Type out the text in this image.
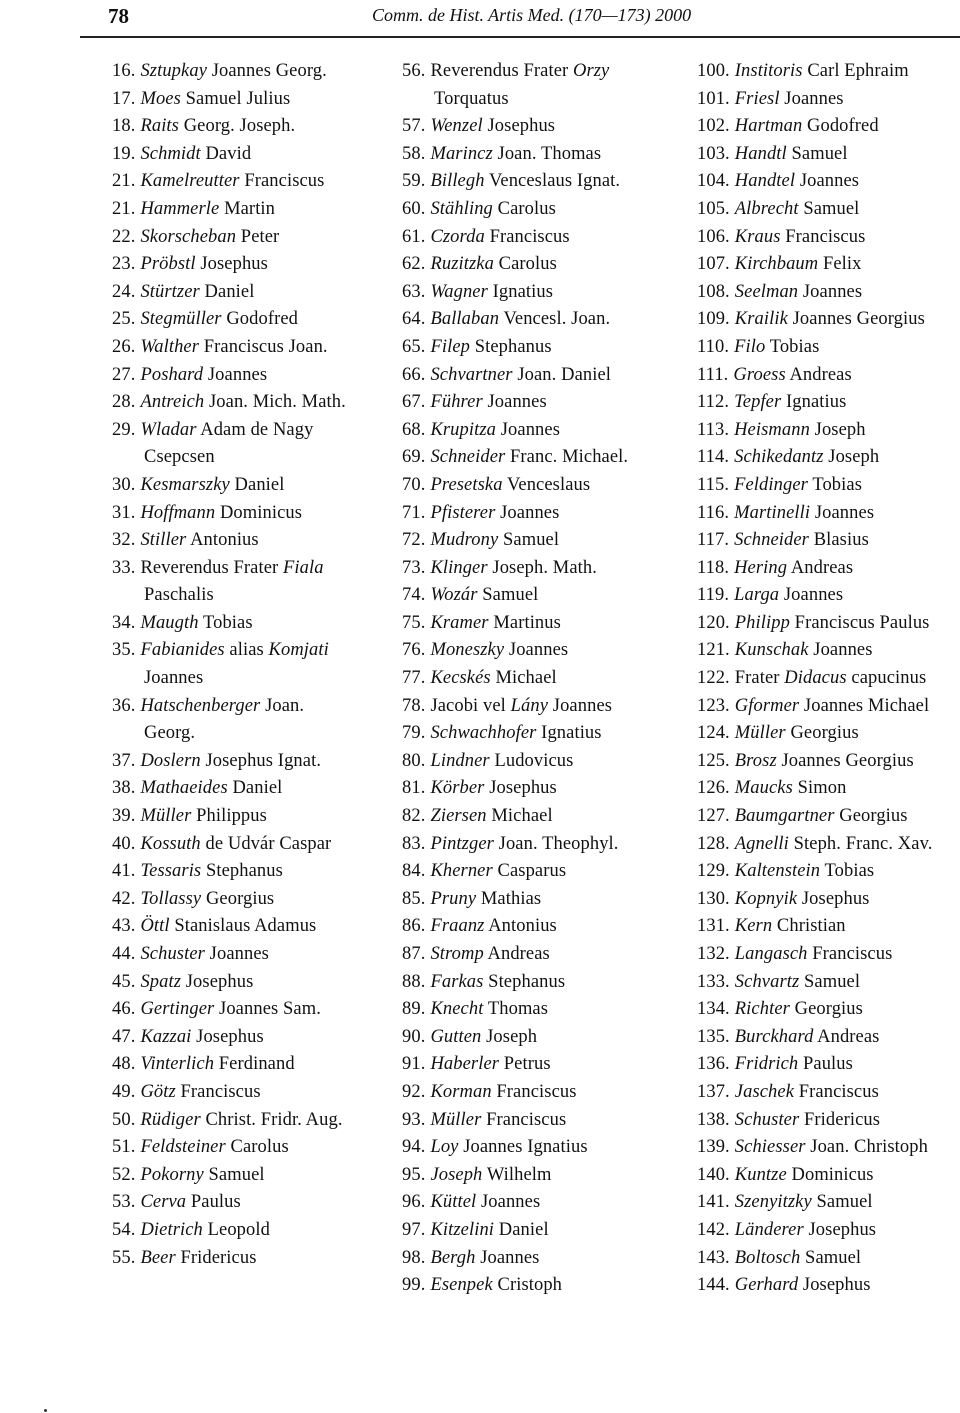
78	Comm. de Hist. Artis Med. (170—173) 2000
16. Sztupkay Joannes Georg.
17. Moes Samuel Julius
18. Raits Georg. Joseph.
19. Schmidt David
21. Kamelreutter Franciscus
21. Hammerle Martin
22. Skorscheban Peter
23. Pröbstl Josephus
24. Stürtzer Daniel
25. Stegmüller Godofred
26. Walther Franciscus Joan.
27. Poshard Joannes
28. Antreich Joan. Mich. Math.
29. Wladar Adam de Nagy
Csepcsen
30. Kesmarszky Daniel
31. Hoffmann Dominicus
32. Stiller Antonius
33. Reverendus Frater Fiala
Paschalis
34. Maugth Tobias
35. Fabianides alias Komjati
Joannes
36. Hatschenberger Joan.
Georg.
37. Doslern Josephus Ignat.
38. Mathaeides Daniel
39. Müller Philippus
40. Kossuth de Udvár Caspar
41. Tessaris Stephanus
42. Tollassy Georgius
43. Öttl Stanislaus Adamus
44. Schuster Joannes
45. Spatz Josephus
46. Gertinger Joannes Sam.
47. Kazzai Josephus
48. Vinterlich Ferdinand
49. Götz Franciscus
50. Rüdiger Christ. Fridr. Aug.
51. Feldsteiner Carolus
52. Pokorny Samuel
53. Cerva Paulus
54. Dietrich Leopold
55. Beer Fridericus
56. Reverendus Frater Orzy
Torquatus
57. Wenzel Josephus
58. Marincz Joan. Thomas
59. Billegh Venceslaus Ignat.
60. Stähling Carolus
61. Czorda Franciscus
62. Ruzitzka Carolus
63. Wagner Ignatius
64. Ballaban Vencesl. Joan.
65. Filep Stephanus
66. Schvartner Joan. Daniel
67. Führer Joannes
68. Krupitza Joannes
69. Schneider Franc. Michael.
70. Presetska Venceslaus
71. Pfisterer Joannes
72. Mudrony Samuel
73. Klinger Joseph. Math.
74. Wozár Samuel
75. Kramer Martinus
76. Moneszky Joannes
77. Kecskés Michael
78. Jacobi vel Lány Joannes
79. Schwachhofer Ignatius
80. Lindner Ludovicus
81. Körber Josephus
82. Ziersen Michael
83. Pintzger Joan. Theophyl.
84. Kherner Casparus
85. Pruny Mathias
86. Fraanz Antonius
87. Stromp Andreas
88. Farkas Stephanus
89. Knecht Thomas
90. Gutten Joseph
91. Haberler Petrus
92. Korman Franciscus
93. Müller Franciscus
94. Loy Joannes Ignatius
95. Joseph Wilhelm
96. Küttel Joannes
97. Kitzelini Daniel
98. Bergh Joannes
99. Esenpek Cristoph
100. Institoris Carl Ephraim
101. Friesl Joannes
102. Hartman Godofred
103. Handtl Samuel
104. Handtel Joannes
105. Albrecht Samuel
106. Kraus Franciscus
107. Kirchbaum Felix
108. Seelman Joannes
109. Krailik Joannes Georgius
110. Filo Tobias
111. Groess Andreas
112. Tepfer Ignatius
113. Heismann Joseph
114. Schikedantz Joseph
115. Feldinger Tobias
116. Martinelli Joannes
117. Schneider Blasius
118. Hering Andreas
119. Larga Joannes
120. Philipp Franciscus Paulus
121. Kunschak Joannes
122. Frater Didacus capucinus
123. Gformer Joannes Michael
124. Müller Georgius
125. Brosz Joannes Georgius
126. Maucks Simon
127. Baumgartner Georgius
128. Agnelli Steph. Franc. Xav.
129. Kaltenstein Tobias
130. Kopnyik Josephus
131. Kern Christian
132. Langasch Franciscus
133. Schvartz Samuel
134. Richter Georgius
135. Burckhard Andreas
136. Fridrich Paulus
137. Jaschek Franciscus
138. Schuster Fridericus
139. Schiesser Joan. Christoph
140. Kuntze Dominicus
141. Szenyitzky Samuel
142. Länderer Josephus
143. Boltosch Samuel
144. Gerhard Josephus
